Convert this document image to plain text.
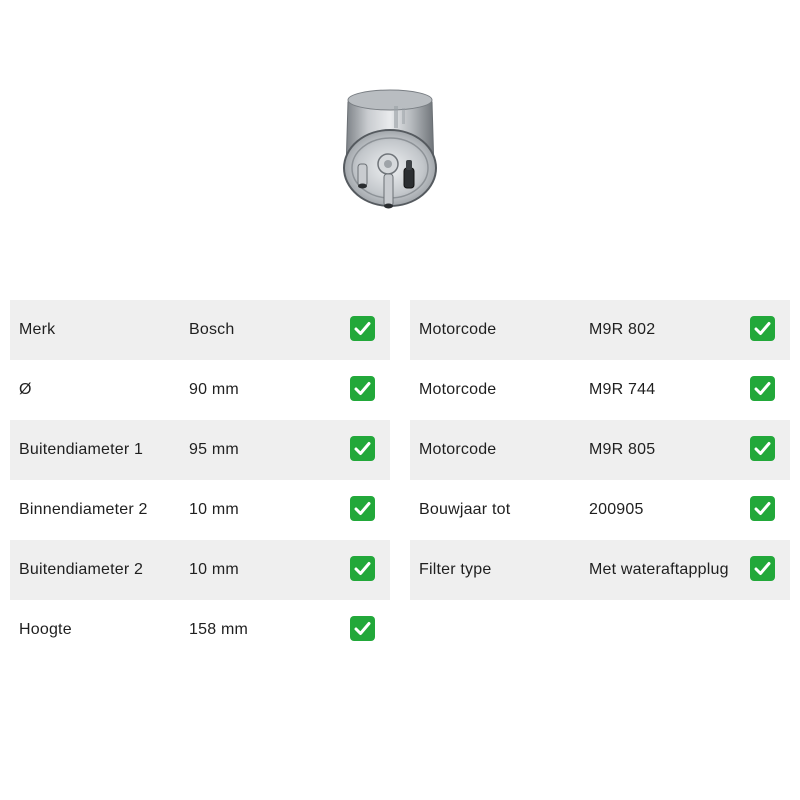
Merk	Bosch
Ø	90 mm
Buitendiameter 1	95 mm
Binnendiameter 2	10 mm
Buitendiameter 2	10 mm
Hoogte	158 mm
Motorcode	M9R 802
Motorcode	M9R 744
Motorcode	M9R 805
Bouwjaar tot	200905
Filter type	Met wateraftapplug
